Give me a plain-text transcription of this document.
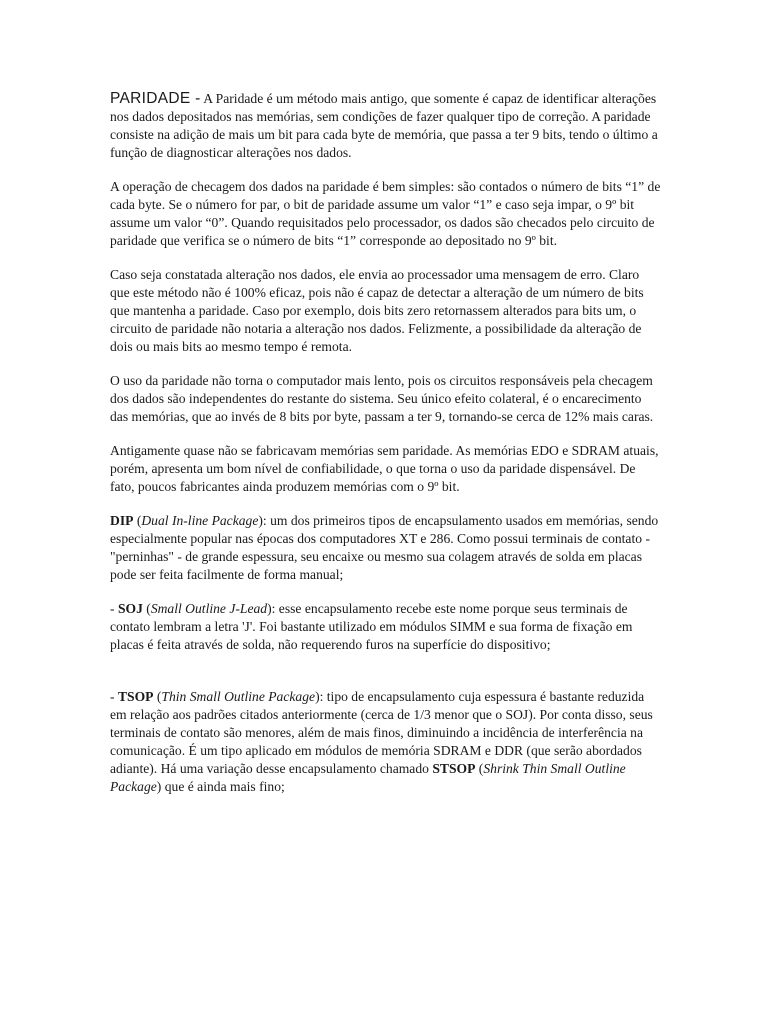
PARIDADE - A Paridade é um método mais antigo, que somente é capaz de identificar alterações nos dados depositados nas memórias, sem condições de fazer qualquer tipo de correção. A paridade consiste na adição de mais um bit para cada byte de memória, que passa a ter 9 bits, tendo o último a função de diagnosticar alterações nos dados.

A operação de checagem dos dados na paridade é bem simples: são contados o número de bits “1” de cada byte. Se o número for par, o bit de paridade assume um valor “1” e caso seja impar, o 9º bit assume um valor “0”. Quando requisitados pelo processador, os dados são checados pelo circuito de paridade que verifica se o número de bits “1” corresponde ao depositado no 9º bit.

Caso seja constatada alteração nos dados, ele envia ao processador uma mensagem de erro. Claro que este método não é 100% eficaz, pois não é capaz de detectar a alteração de um número de bits que mantenha a paridade. Caso por exemplo, dois bits zero retornassem alterados para bits um, o circuito de paridade não notaria a alteração nos dados. Felizmente, a possibilidade da alteração de dois ou mais bits ao mesmo tempo é remota.

O uso da paridade não torna o computador mais lento, pois os circuitos responsáveis pela checagem dos dados são independentes do restante do sistema. Seu único efeito colateral, é o encarecimento das memórias, que ao invés de 8 bits por byte, passam a ter 9, tornando-se cerca de 12% mais caras.

Antigamente quase não se fabricavam memórias sem paridade. As memórias EDO e SDRAM atuais, porém, apresenta um bom nível de confiabilidade, o que torna o uso da paridade dispensável. De fato, poucos fabricantes ainda produzem memórias com o 9º bit.

DIP (Dual In-line Package): um dos primeiros tipos de encapsulamento usados em memórias, sendo especialmente popular nas épocas dos computadores XT e 286. Como possui terminais de contato - "perninhas" - de grande espessura, seu encaixe ou mesmo sua colagem através de solda em placas pode ser feita facilmente de forma manual;

- SOJ (Small Outline J-Lead): esse encapsulamento recebe este nome porque seus terminais de contato lembram a letra 'J'. Foi bastante utilizado em módulos SIMM e sua forma de fixação em placas é feita através de solda, não requerendo furos na superfície do dispositivo;

- TSOP (Thin Small Outline Package): tipo de encapsulamento cuja espessura é bastante reduzida em relação aos padrões citados anteriormente (cerca de 1/3 menor que o SOJ). Por conta disso, seus terminais de contato são menores, além de mais finos, diminuindo a incidência de interferência na comunicação. É um tipo aplicado em módulos de memória SDRAM e DDR (que serão abordados adiante). Há uma variação desse encapsulamento chamado STSOP (Shrink Thin Small Outline Package) que é ainda mais fino;
